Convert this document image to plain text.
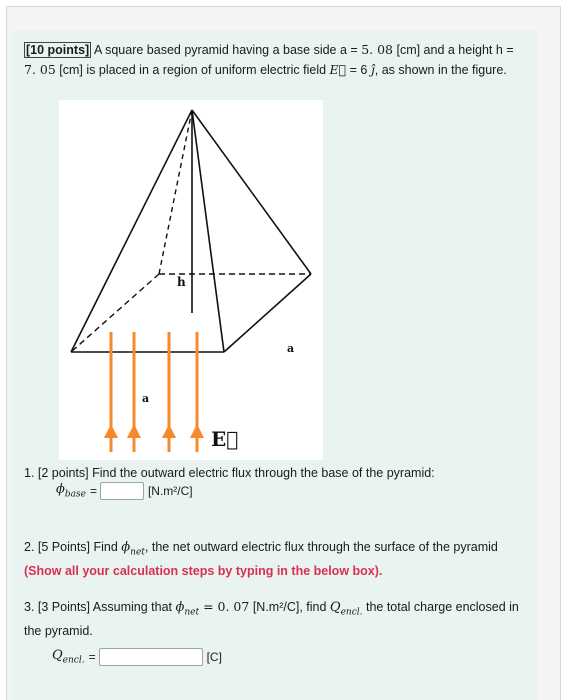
[10 points] A square based pyramid having a base side a = 5. 08 [cm] and a height h =
7. 05 [cm] is placed in a region of uniform electric field E⃗ = 6 ĵ, as shown in the figure.
h
a
a
E⃗
1. [2 points] Find the outward electric flux through the base of the pyramid:
$\phi_{base}$ =	[N.m²/C]
2. [5 Points] Find $\phi_{net}$, the net outward electric flux through the surface of the pyramid (Show all your calculation steps by typing in the below box).
3. [3 Points] Assuming that $\phi_{net} = 0$. 07 [N.m²/C], find $Q_{encl.}$ the total charge enclosed in the pyramid.
$Q_{encl.}$ =	[C]
